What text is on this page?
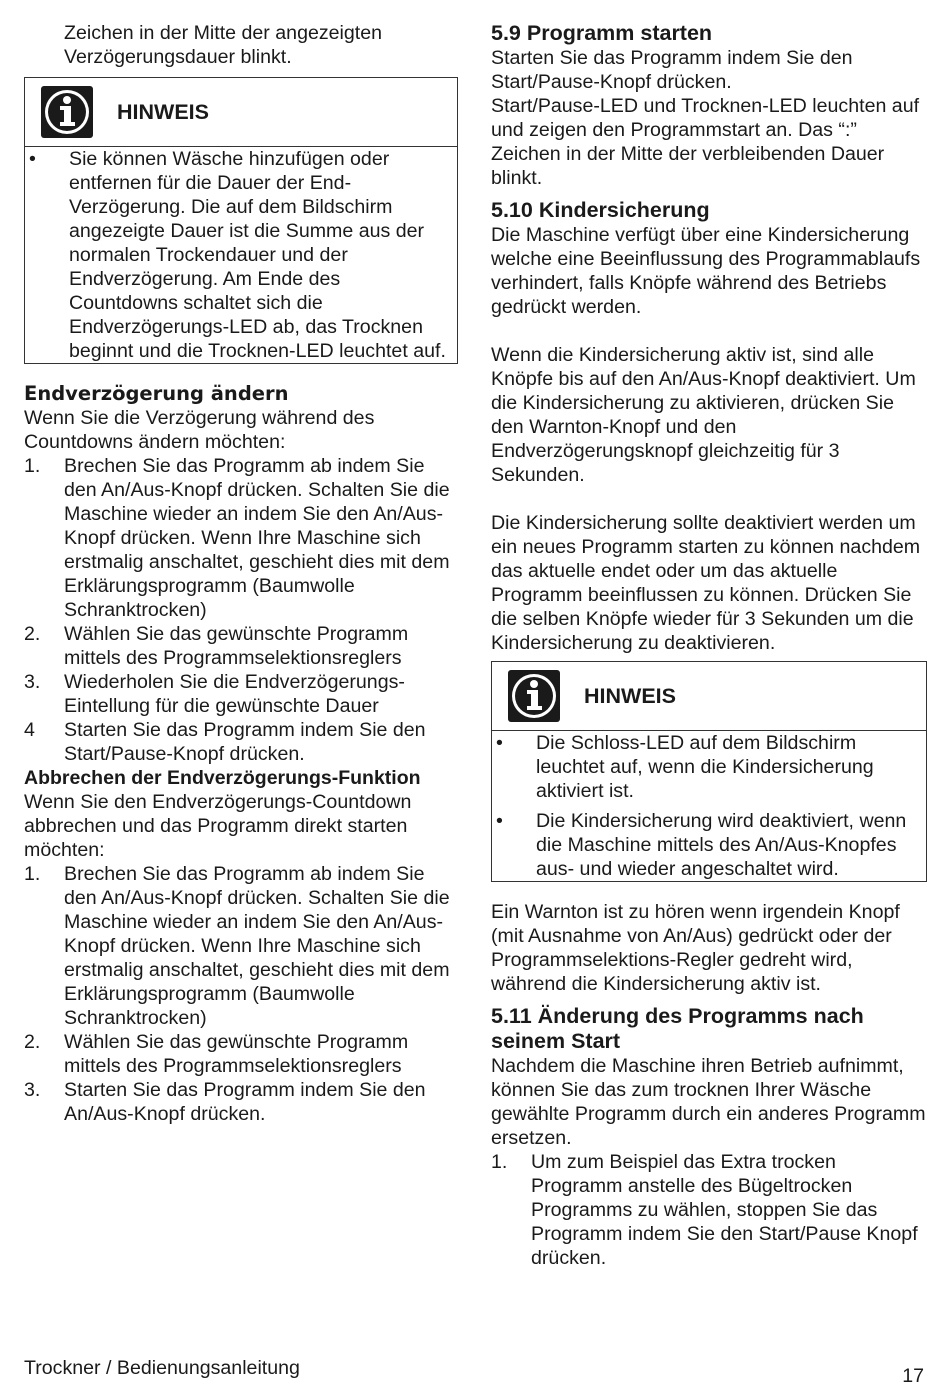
Zeichen in der Mitte der angezeigten Verzögerungsdauer blinkt.

HINWEIS
•	Sie können Wäsche hinzufügen oder entfernen für die Dauer der End-Verzögerung. Die auf dem Bildschirm angezeigte Dauer ist die Summe aus der normalen Trockendauer und der Endverzögerung. Am Ende des Countdowns schaltet sich die Endverzögerungs-LED ab, das Trocknen beginnt und die Trocknen-LED leuchtet auf.
Endverzögerung ändern

Wenn Sie die Verzögerung während des Countdowns ändern möchten:

1.	Brechen Sie das Programm ab indem Sie den An/Aus-Knopf drücken. Schalten Sie die Maschine wieder an indem Sie den An/Aus-Knopf drücken. Wenn Ihre Maschine sich erstmalig anschaltet, geschieht dies mit dem Erklärungsprogramm (Baumwolle Schranktrocken)
2.	Wählen Sie das gewünschte Programm mittels des Programmselektionsreglers
3.	Wiederholen Sie die Endverzögerungs-Eintellung für die gewünschte Dauer
4	Starten Sie das Programm indem Sie den Start/Pause-Knopf drücken.
Abbrechen der Endverzögerungs-Funktion

Wenn Sie den Endverzögerungs-Countdown abbrechen und das Programm direkt starten möchten:

1.	Brechen Sie das Programm ab indem Sie den An/Aus-Knopf drücken. Schalten Sie die Maschine wieder an indem Sie den An/Aus-Knopf drücken. Wenn Ihre Maschine sich erstmalig anschaltet, geschieht dies mit dem Erklärungsprogramm (Baumwolle Schranktrocken)
2.	Wählen Sie das gewünschte Programm mittels des Programmselektionsreglers
3.	Starten Sie das Programm indem Sie den An/Aus-Knopf drücken.
5.9 Programm starten

Starten Sie das Programm indem Sie den Start/Pause-Knopf drücken.

Start/Pause-LED und Trocknen-LED leuchten auf und zeigen den Programmstart an. Das “:” Zeichen in der Mitte der verbleibenden Dauer blinkt.

5.10 Kindersicherung

Die Maschine verfügt über eine Kindersicherung welche eine Beeinflussung des Programmablaufs verhindert, falls Knöpfe während des Betriebs gedrückt werden.

Wenn die Kindersicherung aktiv ist, sind alle Knöpfe bis auf den An/Aus-Knopf deaktiviert. Um die Kindersicherung zu aktivieren, drücken Sie den Warnton-Knopf und den Endverzögerungsknopf gleichzeitig für 3 Sekunden.

Die Kindersicherung sollte deaktiviert werden um ein neues Programm starten zu können nachdem das aktuelle endet oder um das aktuelle Programm beeinflussen zu können. Drücken Sie die selben Knöpfe wieder für 3 Sekunden um die Kindersicherung zu deaktivieren.

HINWEIS
•	Die Schloss-LED auf dem Bildschirm leuchtet auf, wenn die Kindersicherung aktiviert ist.
•	Die Kindersicherung wird deaktiviert, wenn die Maschine mittels des An/Aus-Knopfes aus- und wieder angeschaltet wird.

Ein Warnton ist zu hören wenn irgendein Knopf (mit Ausnahme von An/Aus) gedrückt oder der Programmselektions-Regler gedreht wird, während die Kindersicherung aktiv ist.

5.11 Änderung des Programms nach seinem Start

Nachdem die Maschine ihren Betrieb aufnimmt, können Sie das zum trocknen Ihrer Wäsche gewählte Programm durch ein anderes Programm ersetzen.

1.	Um zum Beispiel das Extra trocken Programm anstelle des Bügeltrocken Programms zu wählen, stoppen Sie das Programm indem Sie den Start/Pause Knopf drücken.
Trockner / Bedienungsanleitung	17
